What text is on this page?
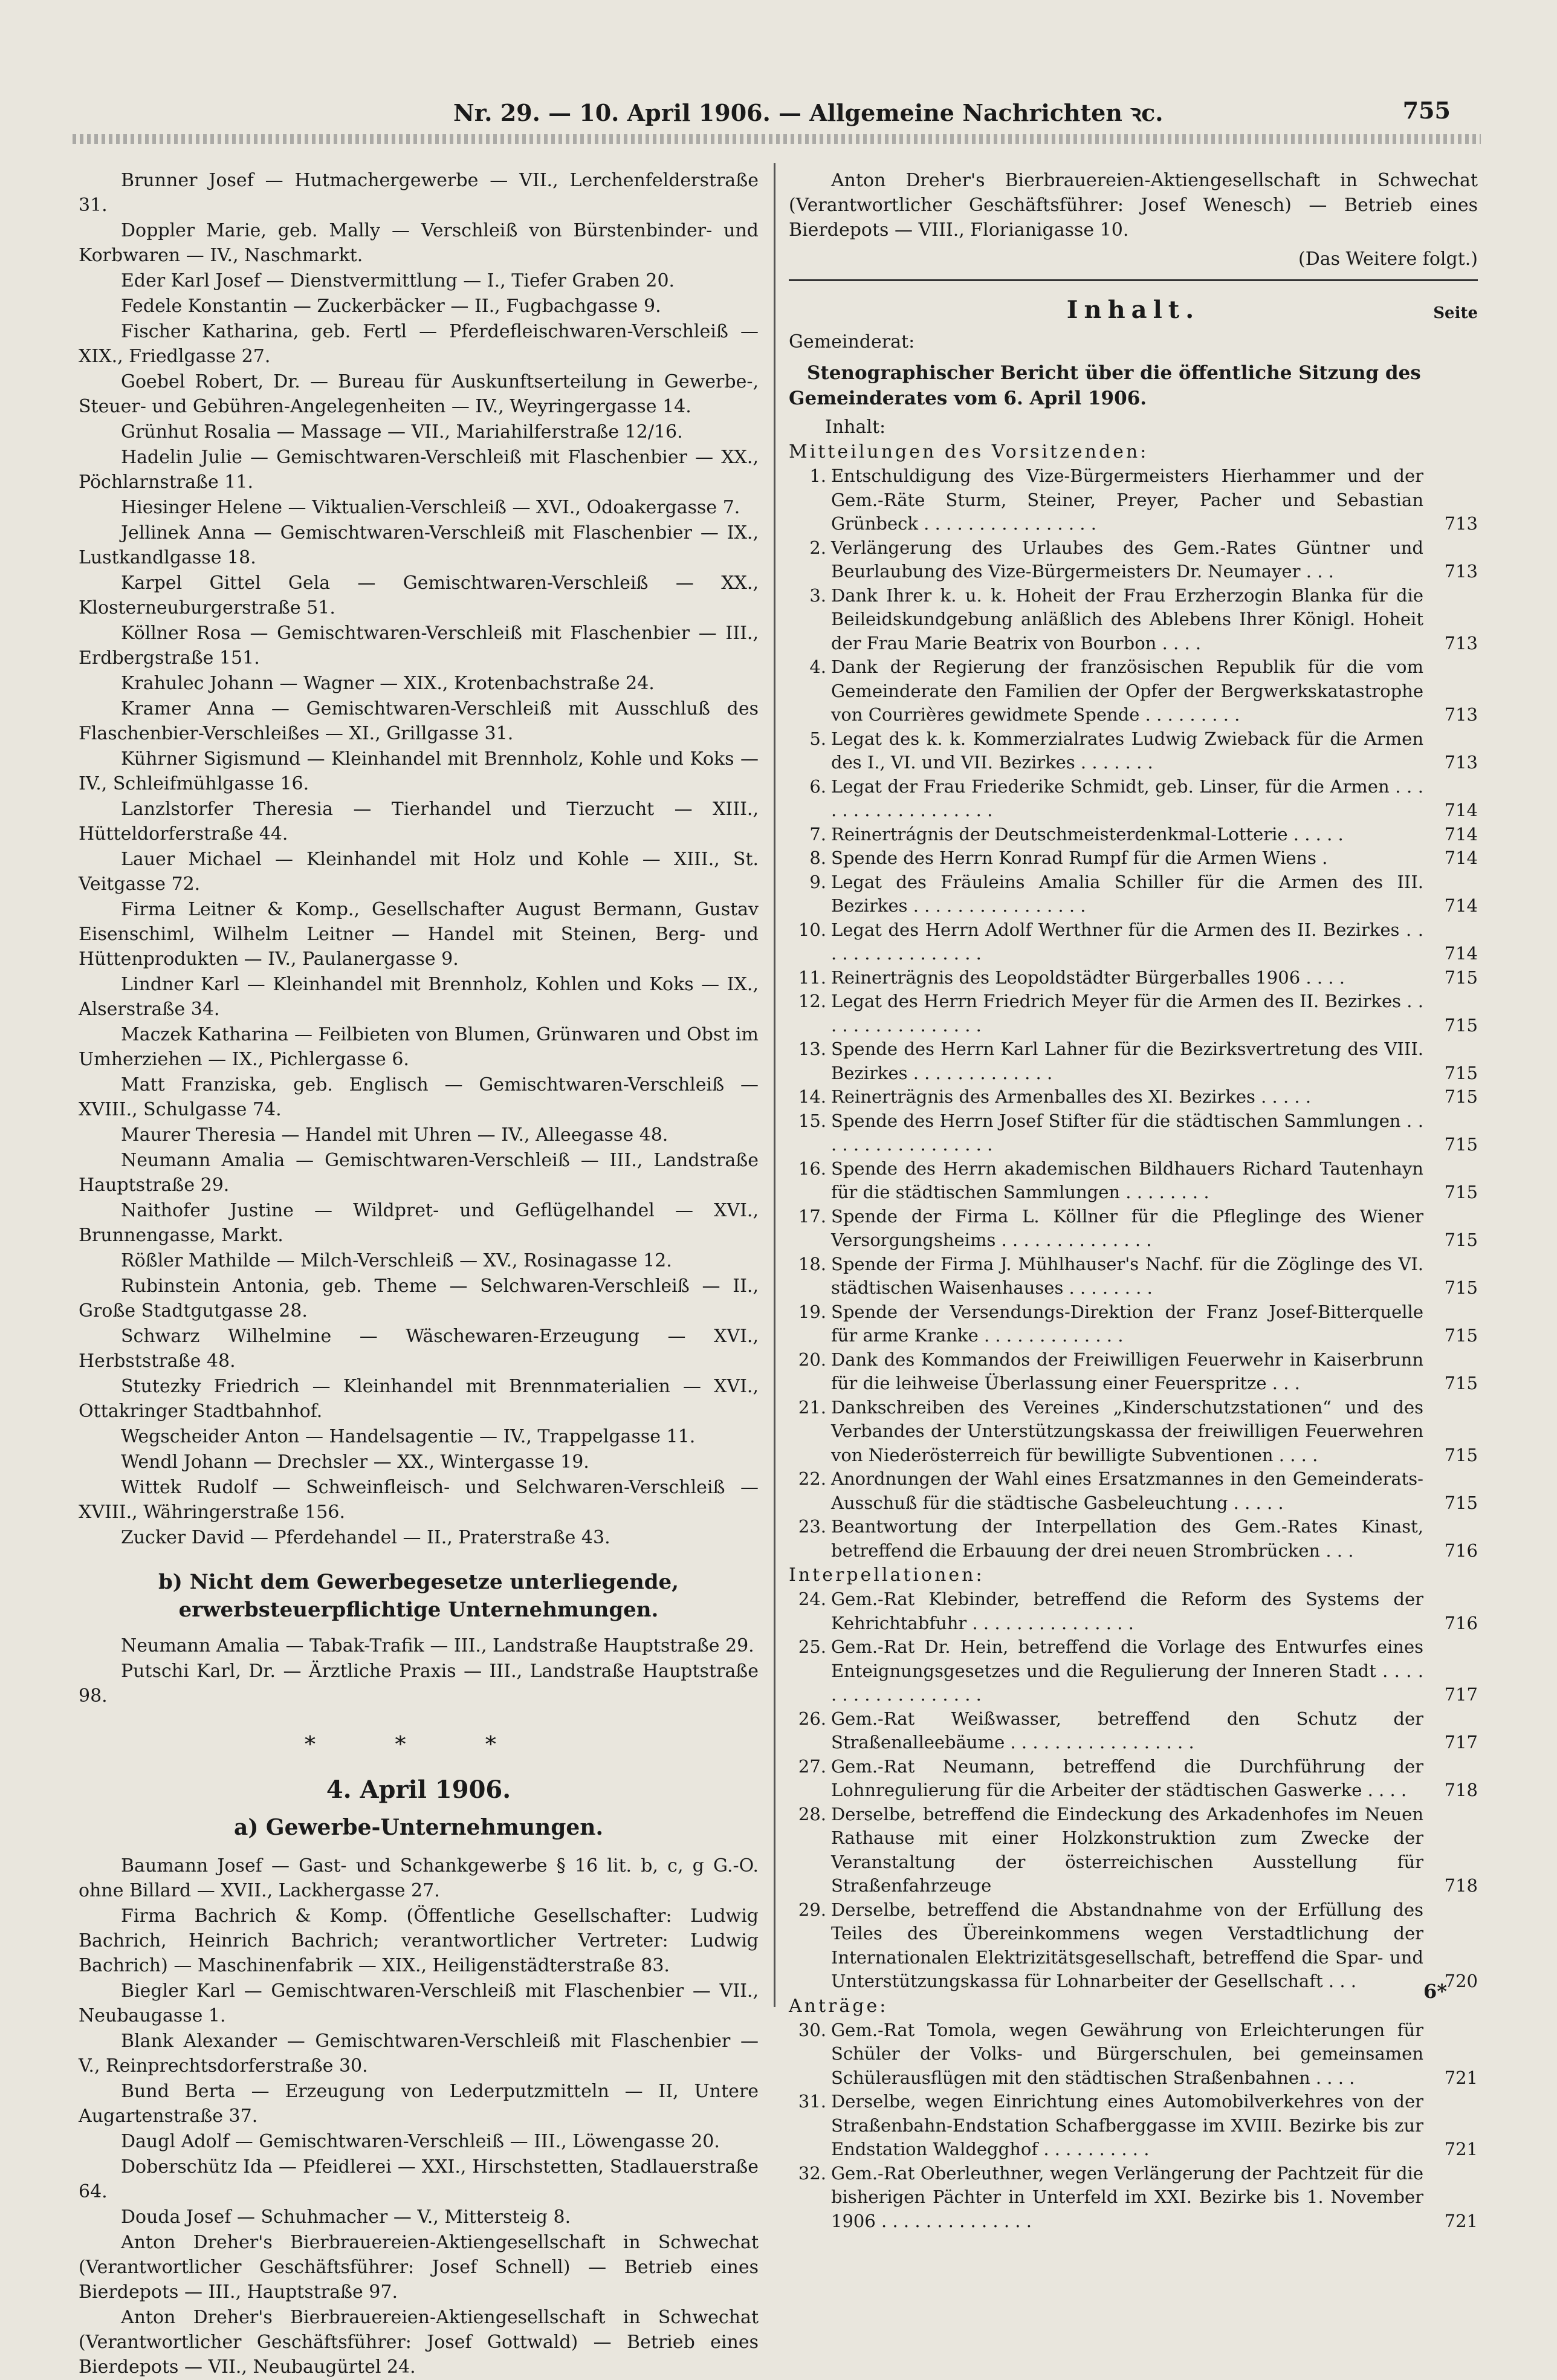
Nr. 29. — 10. April 1906. — Allgemeine Nachrichten ꝛc.	755

Brunner Josef — Hutmachergewerbe — VII., Lerchenfelderstraße 31.

Doppler Marie, geb. Mally — Verschleiß von Bürstenbinder- und Korbwaren — IV., Naschmarkt.

Eder Karl Josef — Dienstvermittlung — I., Tiefer Graben 20.

Fedele Konstantin — Zuckerbäcker — II., Fugbachgasse 9.

Fischer Katharina, geb. Fertl — Pferdefleischwaren-Verschleiß — XIX., Friedlgasse 27.

Goebel Robert, Dr. — Bureau für Auskunftserteilung in Gewerbe-, Steuer- und Gebühren-Angelegenheiten — IV., Weyringergasse 14.

Grünhut Rosalia — Massage — VII., Mariahilferstraße 12/16.

Hadelin Julie — Gemischtwaren-Verschleiß mit Flaschenbier — XX., Pöchlarnstraße 11.

Hiesinger Helene — Viktualien-Verschleiß — XVI., Odoakergasse 7.

Jellinek Anna — Gemischtwaren-Verschleiß mit Flaschenbier — IX., Lustkandlgasse 18.

Karpel Gittel Gela — Gemischtwaren-Verschleiß — XX., Klosterneuburgerstraße 51.

Köllner Rosa — Gemischtwaren-Verschleiß mit Flaschenbier — III., Erdbergstraße 151.

Krahulec Johann — Wagner — XIX., Krotenbachstraße 24.

Kramer Anna — Gemischtwaren-Verschleiß mit Ausschluß des Flaschenbier-Verschleißes — XI., Grillgasse 31.

Kührner Sigismund — Kleinhandel mit Brennholz, Kohle und Koks — IV., Schleifmühlgasse 16.

Lanzlstorfer Theresia — Tierhandel und Tierzucht — XIII., Hütteldorferstraße 44.

Lauer Michael — Kleinhandel mit Holz und Kohle — XIII., St. Veitgasse 72.

Firma Leitner & Komp., Gesellschafter August Bermann, Gustav Eisenschiml, Wilhelm Leitner — Handel mit Steinen, Berg- und Hüttenprodukten — IV., Paulanergasse 9.

Lindner Karl — Kleinhandel mit Brennholz, Kohlen und Koks — IX., Alserstraße 34.

Maczek Katharina — Feilbieten von Blumen, Grünwaren und Obst im Umherziehen — IX., Pichlergasse 6.

Matt Franziska, geb. Englisch — Gemischtwaren-Verschleiß — XVIII., Schulgasse 74.

Maurer Theresia — Handel mit Uhren — IV., Alleegasse 48.

Neumann Amalia — Gemischtwaren-Verschleiß — III., Landstraße Hauptstraße 29.

Naithofer Justine — Wildpret- und Geflügelhandel — XVI., Brunnengasse, Markt.

Rößler Mathilde — Milch-Verschleiß — XV., Rosinagasse 12.

Rubinstein Antonia, geb. Theme — Selchwaren-Verschleiß — II., Große Stadtgutgasse 28.

Schwarz Wilhelmine — Wäschewaren-Erzeugung — XVI., Herbststraße 48.

Stutezky Friedrich — Kleinhandel mit Brennmaterialien — XVI., Ottakringer Stadtbahnhof.

Wegscheider Anton — Handelsagentie — IV., Trappelgasse 11.

Wendl Johann — Drechsler — XX., Wintergasse 19.

Wittek Rudolf — Schweinfleisch- und Selchwaren-Verschleiß — XVIII., Währingerstraße 156.

Zucker David — Pferdehandel — II., Praterstraße 43.

b) Nicht dem Gewerbegesetze unterliegende, erwerbsteuerpflichtige Unternehmungen.

Neumann Amalia — Tabak-Trafik — III., Landstraße Hauptstraße 29.

Putschi Karl, Dr. — Ärztliche Praxis — III., Landstraße Hauptstraße 98.

* * *
4. April 1906.
a) Gewerbe-Unternehmungen.

Baumann Josef — Gast- und Schankgewerbe § 16 lit. b, c, g G.-O. ohne Billard — XVII., Lackhergasse 27.

Firma Bachrich & Komp. (Öffentliche Gesellschafter: Ludwig Bachrich, Heinrich Bachrich; verantwortlicher Vertreter: Ludwig Bachrich) — Maschinenfabrik — XIX., Heiligenstädterstraße 83.

Biegler Karl — Gemischtwaren-Verschleiß mit Flaschenbier — VII., Neubaugasse 1.

Blank Alexander — Gemischtwaren-Verschleiß mit Flaschenbier — V., Reinprechtsdorferstraße 30.

Bund Berta — Erzeugung von Lederputzmitteln — II, Untere Augartenstraße 37.

Daugl Adolf — Gemischtwaren-Verschleiß — III., Löwengasse 20.

Doberschütz Ida — Pfeidlerei — XXI., Hirschstetten, Stadlauerstraße 64.

Douda Josef — Schuhmacher — V., Mittersteig 8.

Anton Dreher's Bierbrauereien-Aktiengesellschaft in Schwechat (Verantwortlicher Geschäftsführer: Josef Schnell) — Betrieb eines Bierdepots — III., Hauptstraße 97.

Anton Dreher's Bierbrauereien-Aktiengesellschaft in Schwechat (Verantwortlicher Geschäftsführer: Josef Gottwald) — Betrieb eines Bierdepots — VII., Neubaugürtel 24.

Anton Dreher's Bierbrauereien-Aktiengesellschaft in Schwechat (Verantwortlicher Geschäftsführer: Josef Wenesch) — Betrieb eines Bierdepots — VIII., Florianigasse 10.

(Das Weitere folgt.)
Inhalt.	Seite
Gemeinderat:
Stenographischer Bericht über die öffentliche Sitzung des Gemeinderates vom 6. April 1906.
Inhalt:
Mitteilungen des Vorsitzenden:
1. Entschuldigung des Vize-Bürgermeisters Hierhammer und der Gem.-Räte Sturm, Steiner, Preyer, Pacher und Sebastian Grünbeck . . . . . . . . . . . . . . . .	713
2. Verlängerung des Urlaubes des Gem.-Rates Güntner und Beurlaubung des Vize-Bürgermeisters Dr. Neumayer . . .	713
3. Dank Ihrer k. u. k. Hoheit der Frau Erzherzogin Blanka für die Beileidskundgebung anläßlich des Ablebens Ihrer Königl. Hoheit der Frau Marie Beatrix von Bourbon . . . .	713
4. Dank der Regierung der französischen Republik für die vom Gemeinderate den Familien der Opfer der Bergwerkskatastrophe von Courrières gewidmete Spende . . . . . . . . .	713
5. Legat des k. k. Kommerzialrates Ludwig Zwieback für die Armen des I., VI. und VII. Bezirkes . . . . . . .	713
6. Legat der Frau Friederike Schmidt, geb. Linser, für die Armen . . . . . . . . . . . . . . . . . .	714
7. Reinertrágnis der Deutschmeisterdenkmal-Lotterie . . . . .	714
8. Spende des Herrn Konrad Rumpf für die Armen Wiens .	714
9. Legat des Fräuleins Amalia Schiller für die Armen des III. Bezirkes . . . . . . . . . . . . . . . .	714
10. Legat des Herrn Adolf Werthner für die Armen des II. Bezirkes . . . . . . . . . . . . . . . .	714
11. Reinerträgnis des Leopoldstädter Bürgerballes 1906 . . . .	715
12. Legat des Herrn Friedrich Meyer für die Armen des II. Bezirkes . . . . . . . . . . . . . . . .	715
13. Spende des Herrn Karl Lahner für die Bezirksvertretung des VIII. Bezirkes . . . . . . . . . . . . .	715
14. Reinerträgnis des Armenballes des XI. Bezirkes . . . . .	715
15. Spende des Herrn Josef Stifter für die städtischen Sammlungen . . . . . . . . . . . . . . . . .	715
16. Spende des Herrn akademischen Bildhauers Richard Tautenhayn für die städtischen Sammlungen . . . . . . . .	715
17. Spende der Firma L. Köllner für die Pfleglinge des Wiener Versorgungsheims . . . . . . . . . . . . . .	715
18. Spende der Firma J. Mühlhauser's Nachf. für die Zöglinge des VI. städtischen Waisenhauses . . . . . . . .	715
19. Spende der Versendungs-Direktion der Franz Josef-Bitterquelle für arme Kranke . . . . . . . . . . . . .	715
20. Dank des Kommandos der Freiwilligen Feuerwehr in Kaiserbrunn für die leihweise Überlassung einer Feuerspritze . . .	715
21. Dankschreiben des Vereines „Kinderschutzstationen“ und des Verbandes der Unterstützungskassa der freiwilligen Feuerwehren von Niederösterreich für bewilligte Subventionen . . . .	715
22. Anordnungen der Wahl eines Ersatzmannes in den Gemeinderats-Ausschuß für die städtische Gasbeleuchtung . . . . .	715
23. Beantwortung der Interpellation des Gem.-Rates Kinast, betreffend die Erbauung der drei neuen Strombrücken . . .	716
Interpellationen:
24. Gem.-Rat Klebinder, betreffend die Reform des Systems der Kehrichtabfuhr . . . . . . . . . . . . . . .	716
25. Gem.-Rat Dr. Hein, betreffend die Vorlage des Entwurfes eines Enteignungsgesetzes und die Regulierung der Inneren Stadt . . . . . . . . . . . . . . . . . .	717
26. Gem.-Rat Weißwasser, betreffend den Schutz der Straßenalleebäume . . . . . . . . . . . . . . . . .	717
27. Gem.-Rat Neumann, betreffend die Durchführung der Lohnregulierung für die Arbeiter der städtischen Gaswerke . . . . 718
28. Derselbe, betreffend die Eindeckung des Arkadenhofes im Neuen Rathause mit einer Holzkonstruktion zum Zwecke der Veranstaltung der österreichischen Ausstellung für Straßenfahrzeuge	718
29. Derselbe, betreffend die Abstandnahme von der Erfüllung des Teiles des Übereinkommens wegen Verstadtlichung der Internationalen Elektrizitätsgesellschaft, betreffend die Spar- und Unterstützungskassa für Lohnarbeiter der Gesellschaft . . .	720
Anträge:
30. Gem.-Rat Tomola, wegen Gewährung von Erleichterungen für Schüler der Volks- und Bürgerschulen, bei gemeinsamen Schülerausflügen mit den städtischen Straßenbahnen . . . .	721
31. Derselbe, wegen Einrichtung eines Automobilverkehres von der Straßenbahn-Endstation Schafberggasse im XVIII. Bezirke bis zur Endstation Waldegghof . . . . . . . . . .	721
32. Gem.-Rat Oberleuthner, wegen Verlängerung der Pachtzeit für die bisherigen Pächter in Unterfeld im XXI. Bezirke bis 1. November 1906 . . . . . . . . . . . . . .	721
6*
